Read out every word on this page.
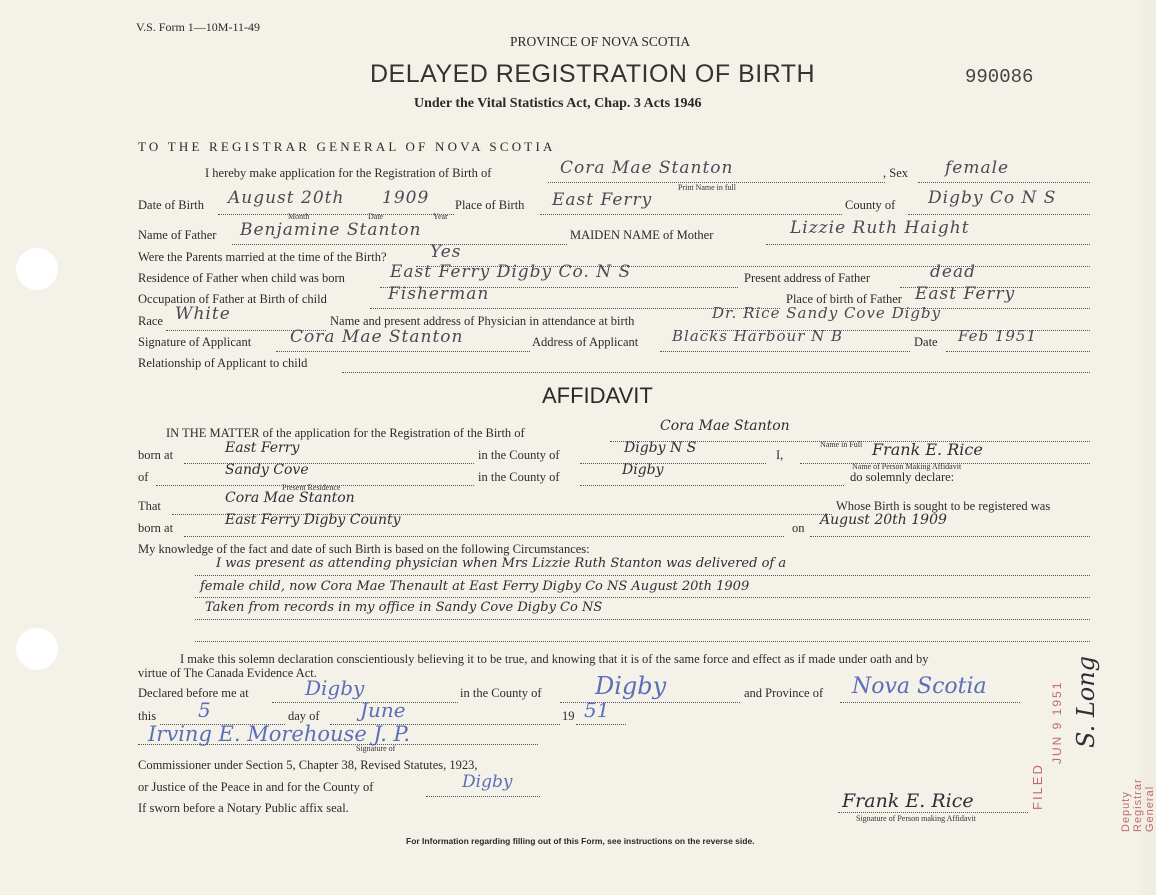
V.S. Form 1—10M-11-49
PROVINCE OF NOVA SCOTIA
DELAYED REGISTRATION OF BIRTH
Under the Vital Statistics Act, Chap. 3 Acts 1946
990086
TO THE REGISTRAR GENERAL OF NOVA SCOTIA
I hereby make application for the Registration of Birth of	Cora Mae Stanton
Print Name in full
, Sex female
Date of Birth August 20th 1909
Month	Date	Year
Place of Birth East Ferry	County of Digby Co N S
Name of Father Benjamine Stanton	MAIDEN NAME of Mother	Lizzie Ruth Haight
Were the Parents married at the time of the Birth?	Yes
Residence of Father when child was born	East Ferry Digby Co. N S	Present address of Father	dead
Occupation of Father at Birth of child	Fisherman	Place of birth of Father East Ferry
Race White	Name and present address of Physician in attendance at birth	Dr. Rice Sandy Cove Digby
Signature of Applicant Cora Mae Stanton	Address of Applicant Blacks Harbour N B	Date Feb 1951
Relationship of Applicant to child
AFFIDAVIT
IN THE MATTER of the application for the Registration of the Birth of	Cora Mae Stanton
Name in Full
born at	East Ferry	in the County of	Digby N S	I,	Frank E. Rice
Name of Person Making Affidavit
of	Sandy Cove
Present Residence
in the County of	Digby	do solemnly declare:
That	Cora Mae Stanton	Whose Birth is sought to be registered was
born at	East Ferry Digby County	on August 20th 1909
My knowledge of the fact and date of such Birth is based on the following Circumstances:
I was present as attending physician when Mrs Lizzie Ruth Stanton was delivered of a
female child, now Cora Mae Thenault at East Ferry Digby Co NS August 20th 1909
Taken from records in my office in Sandy Cove Digby Co NS
I make this solemn declaration conscientiously believing it to be true, and knowing that it is of the same force and effect as if made under oath and by
virtue of The Canada Evidence Act.
Declared before me at	Digby	in the County of Digby	and Province of Nova Scotia
this 5	day of June	19 51
Irving E. Morehouse J. P.
Signature of
Commissioner under Section 5, Chapter 38, Revised Statutes, 1923,
or Justice of the Peace in and for the County of	Digby
If sworn before a Notary Public affix seal.	Frank E. Rice
Signature of Person making Affidavit
FILED
JUN 9 1951
Deputy Registrar General
S. Long
For Information regarding filling out of this Form, see instructions on the reverse side.
